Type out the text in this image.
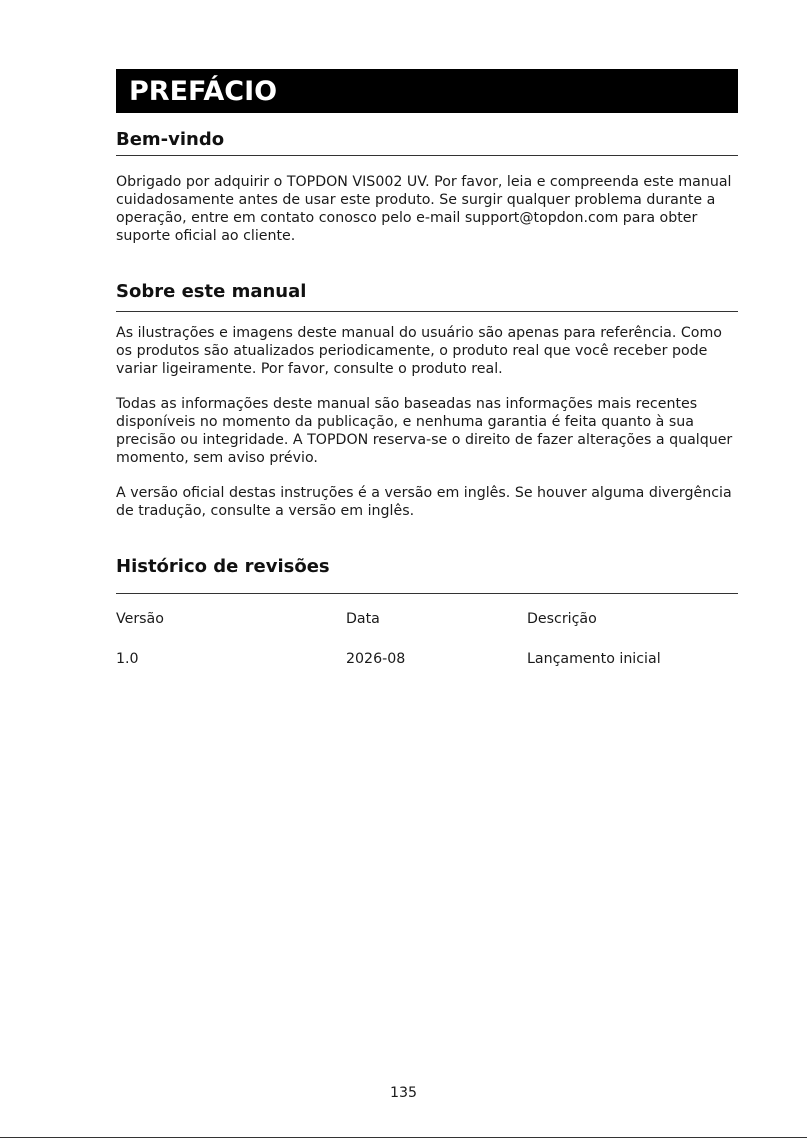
PREFÁCIO
Bem-vindo

Obrigado por adquirir o TOPDON VIS002 UV. Por favor, leia e compreenda este manual cuidadosamente antes de usar este produto. Se surgir qualquer problema durante a operação, entre em contato conosco pelo e-mail support@topdon.com para obter suporte oficial ao cliente.

Sobre este manual

As ilustrações e imagens deste manual do usuário são apenas para referência. Como os produtos são atualizados periodicamente, o produto real que você receber pode variar ligeiramente. Por favor, consulte o produto real.

Todas as informações deste manual são baseadas nas informações mais recentes disponíveis no momento da publicação, e nenhuma garantia é feita quanto à sua precisão ou integridade. A TOPDON reserva-se o direito de fazer alterações a qualquer momento, sem aviso prévio.

A versão oficial destas instruções é a versão em inglês. Se houver alguma divergência de tradução, consulte a versão em inglês.

Histórico de revisões
Versão	Data	Descrição
1.0	2026-08	Lançamento inicial
135
